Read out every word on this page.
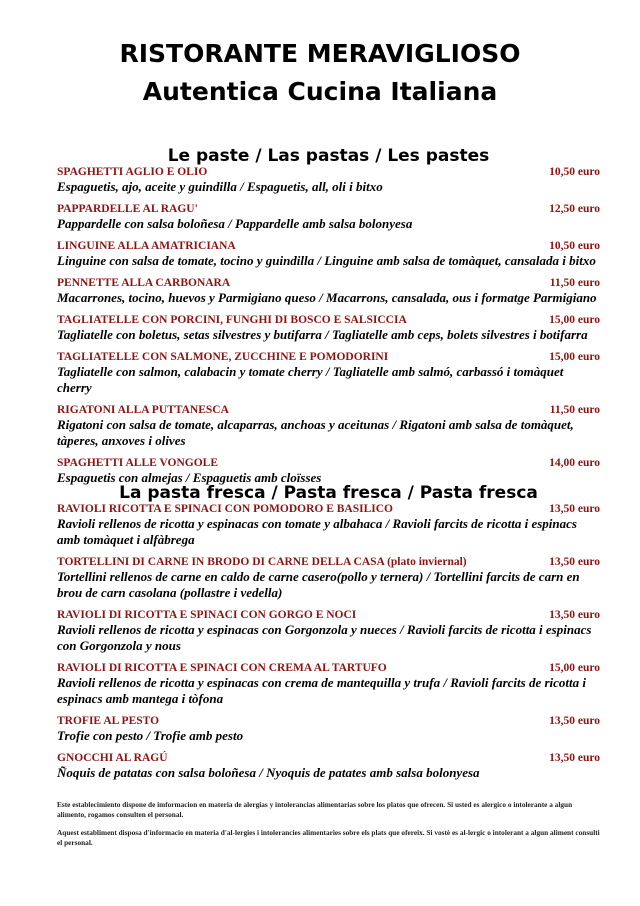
RISTORANTE MERAVIGLIOSO
Autentica Cucina Italiana
Le paste / Las pastas / Les pastes
SPAGHETTI AGLIO E OLIO	10,50 euro
Espaguetis, ajo, aceite y guindilla / Espaguetis, all, oli i bitxo
PAPPARDELLE AL RAGU'	12,50 euro
Pappardelle con salsa boloñesa / Pappardelle amb salsa bolonyesa
LINGUINE ALLA AMATRICIANA	10,50 euro
Linguine con salsa de tomate, tocino y guindilla / Linguine amb salsa de tomàquet, cansalada i bitxo
PENNETTE ALLA CARBONARA	11,50 euro
Macarrones, tocino, huevos y Parmigiano queso / Macarrons, cansalada, ous i formatge Parmigiano
TAGLIATELLE CON PORCINI, FUNGHI DI BOSCO E SALSICCIA	15,00 euro
Tagliatelle con boletus, setas silvestres y butifarra / Tagliatelle amb ceps, bolets silvestres i botifarra
TAGLIATELLE CON SALMONE, ZUCCHINE E POMODORINI	15,00 euro
Tagliatelle con salmon, calabacin y tomate cherry / Tagliatelle amb salmó, carbassó i tomàquet cherry
RIGATONI ALLA PUTTANESCA	11,50 euro
Rigatoni con salsa de tomate, alcaparras, anchoas y aceitunas / Rigatoni amb salsa de tomàquet, tàperes, anxoves i olives
SPAGHETTI ALLE VONGOLE	14,00 euro
Espaguetis con almejas / Espaguetis amb cloïsses
La pasta fresca / Pasta fresca / Pasta fresca
RAVIOLI RICOTTA E SPINACI CON POMODORO E BASILICO	13,50 euro
Ravioli rellenos de ricotta y espinacas con tomate y albahaca / Ravioli farcits de ricotta i espinacs amb tomàquet i alfàbrega
TORTELLINI DI CARNE IN BRODO DI CARNE DELLA CASA (plato inviernal)	13,50 euro
Tortellini rellenos de carne en caldo de carne casero(pollo y ternera) / Tortellini farcits de carn en brou de carn casolana (pollastre i vedella)
RAVIOLI DI RICOTTA E SPINACI CON GORGO E NOCI	13,50 euro
Ravioli rellenos de ricotta y espinacas con Gorgonzola y nueces / Ravioli farcits de ricotta i espinacs con Gorgonzola y nous
RAVIOLI DI RICOTTA E SPINACI CON CREMA AL TARTUFO	15,00 euro
Ravioli rellenos de ricotta y espinacas con crema de mantequilla y trufa / Ravioli farcits de ricotta i espinacs amb mantega i tòfona
TROFIE AL PESTO	13,50 euro
Trofie con pesto / Trofie amb pesto
GNOCCHI AL RAGÚ	13,50 euro
Ñoquis de patatas con salsa boloñesa / Nyoquis de patates amb salsa bolonyesa

Este establecimiento dispone de imformacion en materia de alergias y intolerancias alimentarias sobre los platos que ofrecen. Si usted es alergico o intolerante a algun alimento, rogamos consulten el personal.

Aquest establiment disposa d'informacio en materia d'al-lergies i intolerancies alimentaries sobre els plats que ofereix. Si vostè es al-lergic o intolerant a algun aliment consulti el personal.
